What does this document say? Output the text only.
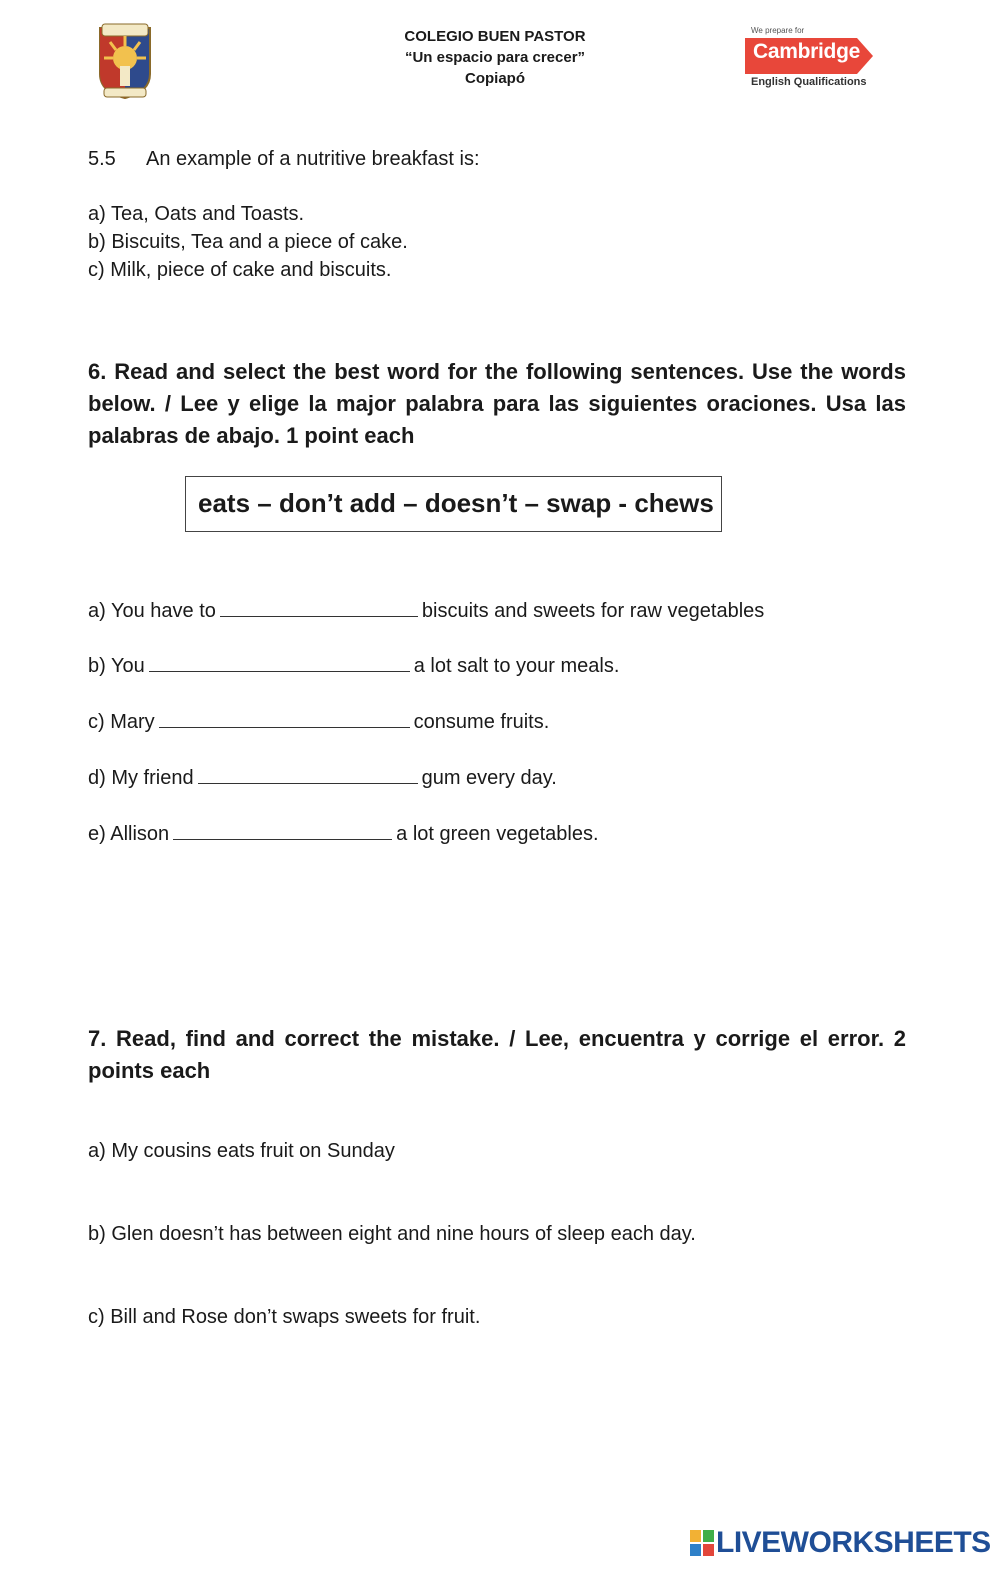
COLEGIO BUEN PASTOR
“Un espacio para crecer”
Copiapó
We prepare for
Cambridge
English Qualifications
5.5 An example of a nutritive breakfast is:
a) Tea, Oats and Toasts.
b) Biscuits, Tea and a piece of cake.
c) Milk, piece of cake and biscuits.
6. Read and select the best word for the following sentences. Use the words below. / Lee y elige la major palabra para las siguientes oraciones. Usa las palabras de abajo. 1 point each
eats – don’t add – doesn’t – swap - chews
a) You have to	biscuits and sweets for raw vegetables
b) You	a lot salt to your meals.
c) Mary	consume fruits.
d) My friend	gum every day.
e) Allison	a lot green vegetables.
7. Read, find and correct the mistake. / Lee, encuentra y corrige el error. 2 points each
a) My cousins eats fruit on Sunday
b) Glen doesn’t has between eight and nine hours of sleep each day.
c) Bill and Rose don’t swaps sweets for fruit.
LIVEWORKSHEETS
